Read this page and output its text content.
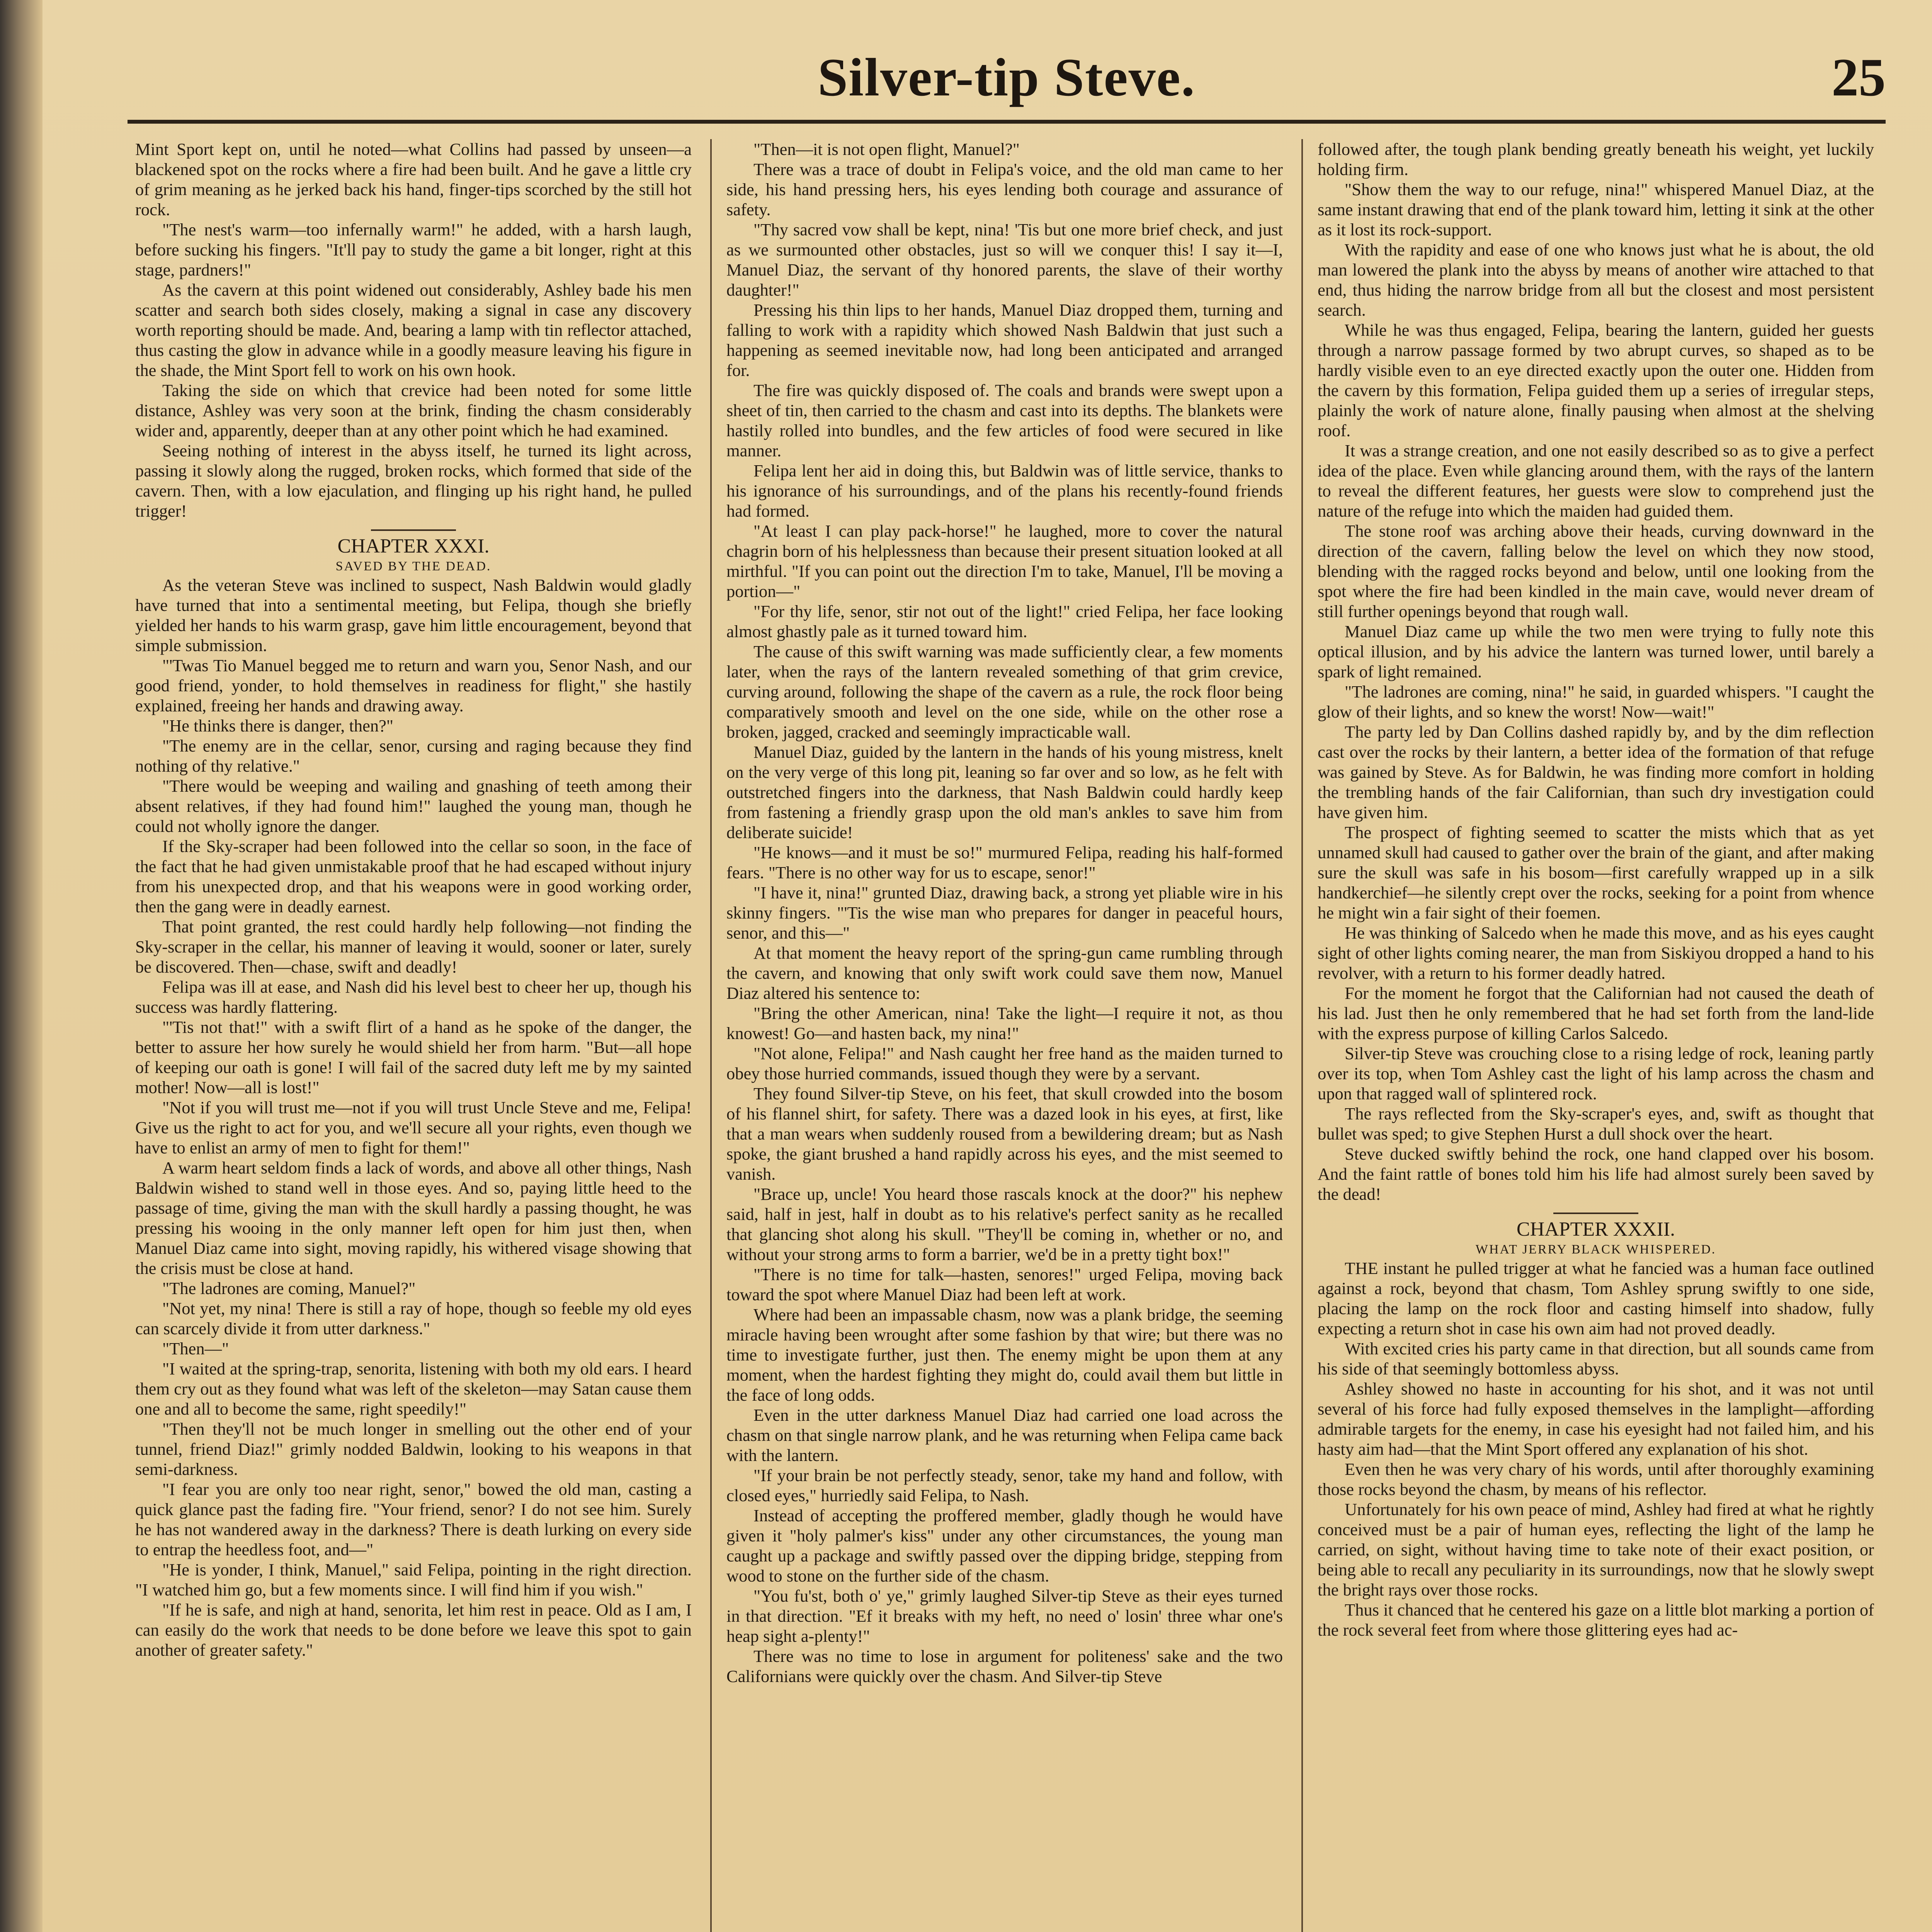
Silver-tip Steve.	25

Mint Sport kept on, until he noted—what Collins had passed by unseen—a blackened spot on the rocks where a fire had been built. And he gave a little cry of grim meaning as he jerked back his hand, finger-tips scorched by the still hot rock.

"The nest's warm—too infernally warm!" he added, with a harsh laugh, before sucking his fingers. "It'll pay to study the game a bit longer, right at this stage, pardners!"

As the cavern at this point widened out considerably, Ashley bade his men scatter and search both sides closely, making a signal in case any discovery worth reporting should be made. And, bearing a lamp with tin reflector attached, thus casting the glow in advance while in a goodly measure leaving his figure in the shade, the Mint Sport fell to work on his own hook.

Taking the side on which that crevice had been noted for some little distance, Ashley was very soon at the brink, finding the chasm considerably wider and, apparently, deeper than at any other point which he had examined.

Seeing nothing of interest in the abyss itself, he turned its light across, passing it slowly along the rugged, broken rocks, which formed that side of the cavern. Then, with a low ejaculation, and flinging up his right hand, he pulled trigger!

CHAPTER XXXI.

SAVED BY THE DEAD.

As the veteran Steve was inclined to suspect, Nash Baldwin would gladly have turned that into a sentimental meeting, but Felipa, though she briefly yielded her hands to his warm grasp, gave him little encouragement, beyond that simple submission.

"'Twas Tio Manuel begged me to return and warn you, Senor Nash, and our good friend, yonder, to hold themselves in readiness for flight," she hastily explained, freeing her hands and drawing away.

"He thinks there is danger, then?"

"The enemy are in the cellar, senor, cursing and raging because they find nothing of thy relative."

"There would be weeping and wailing and gnashing of teeth among their absent relatives, if they had found him!" laughed the young man, though he could not wholly ignore the danger.

If the Sky-scraper had been followed into the cellar so soon, in the face of the fact that he had given unmistakable proof that he had escaped without injury from his unexpected drop, and that his weapons were in good working order, then the gang were in deadly earnest.

That point granted, the rest could hardly help following—not finding the Sky-scraper in the cellar, his manner of leaving it would, sooner or later, surely be discovered. Then—chase, swift and deadly!

Felipa was ill at ease, and Nash did his level best to cheer her up, though his success was hardly flattering.

"'Tis not that!" with a swift flirt of a hand as he spoke of the danger, the better to assure her how surely he would shield her from harm. "But—all hope of keeping our oath is gone! I will fail of the sacred duty left me by my sainted mother! Now—all is lost!"

"Not if you will trust me—not if you will trust Uncle Steve and me, Felipa! Give us the right to act for you, and we'll secure all your rights, even though we have to enlist an army of men to fight for them!"

A warm heart seldom finds a lack of words, and above all other things, Nash Baldwin wished to stand well in those eyes. And so, paying little heed to the passage of time, giving the man with the skull hardly a passing thought, he was pressing his wooing in the only manner left open for him just then, when Manuel Diaz came into sight, moving rapidly, his withered visage showing that the crisis must be close at hand.

"The ladrones are coming, Manuel?"

"Not yet, my nina! There is still a ray of hope, though so feeble my old eyes can scarcely divide it from utter darkness."

"Then—"

"I waited at the spring-trap, senorita, listening with both my old ears. I heard them cry out as they found what was left of the skeleton—may Satan cause them one and all to become the same, right speedily!"

"Then they'll not be much longer in smelling out the other end of your tunnel, friend Diaz!" grimly nodded Baldwin, looking to his weapons in that semi-darkness.

"I fear you are only too near right, senor," bowed the old man, casting a quick glance past the fading fire. "Your friend, senor? I do not see him. Surely he has not wandered away in the darkness? There is death lurking on every side to entrap the heedless foot, and—"

"He is yonder, I think, Manuel," said Felipa, pointing in the right direction. "I watched him go, but a few moments since. I will find him if you wish."

"If he is safe, and nigh at hand, senorita, let him rest in peace. Old as I am, I can easily do the work that needs to be done before we leave this spot to gain another of greater safety."

"Then—it is not open flight, Manuel?"

There was a trace of doubt in Felipa's voice, and the old man came to her side, his hand pressing hers, his eyes lending both courage and assurance of safety.

"Thy sacred vow shall be kept, nina! 'Tis but one more brief check, and just as we surmounted other obstacles, just so will we conquer this! I say it—I, Manuel Diaz, the servant of thy honored parents, the slave of their worthy daughter!"

Pressing his thin lips to her hands, Manuel Diaz dropped them, turning and falling to work with a rapidity which showed Nash Baldwin that just such a happening as seemed inevitable now, had long been anticipated and arranged for.

The fire was quickly disposed of. The coals and brands were swept upon a sheet of tin, then carried to the chasm and cast into its depths. The blankets were hastily rolled into bundles, and the few articles of food were secured in like manner.

Felipa lent her aid in doing this, but Baldwin was of little service, thanks to his ignorance of his surroundings, and of the plans his recently-found friends had formed.

"At least I can play pack-horse!" he laughed, more to cover the natural chagrin born of his helplessness than because their present situation looked at all mirthful. "If you can point out the direction I'm to take, Manuel, I'll be moving a portion—"

"For thy life, senor, stir not out of the light!" cried Felipa, her face looking almost ghastly pale as it turned toward him.

The cause of this swift warning was made sufficiently clear, a few moments later, when the rays of the lantern revealed something of that grim crevice, curving around, following the shape of the cavern as a rule, the rock floor being comparatively smooth and level on the one side, while on the other rose a broken, jagged, cracked and seemingly impracticable wall.

Manuel Diaz, guided by the lantern in the hands of his young mistress, knelt on the very verge of this long pit, leaning so far over and so low, as he felt with outstretched fingers into the darkness, that Nash Baldwin could hardly keep from fastening a friendly grasp upon the old man's ankles to save him from deliberate suicide!

"He knows—and it must be so!" murmured Felipa, reading his half-formed fears. "There is no other way for us to escape, senor!"

"I have it, nina!" grunted Diaz, drawing back, a strong yet pliable wire in his skinny fingers. "'Tis the wise man who prepares for danger in peaceful hours, senor, and this—"

At that moment the heavy report of the spring-gun came rumbling through the cavern, and knowing that only swift work could save them now, Manuel Diaz altered his sentence to:

"Bring the other American, nina! Take the light—I require it not, as thou knowest! Go—and hasten back, my nina!"

"Not alone, Felipa!" and Nash caught her free hand as the maiden turned to obey those hurried commands, issued though they were by a servant.

They found Silver-tip Steve, on his feet, that skull crowded into the bosom of his flannel shirt, for safety. There was a dazed look in his eyes, at first, like that a man wears when suddenly roused from a bewildering dream; but as Nash spoke, the giant brushed a hand rapidly across his eyes, and the mist seemed to vanish.

"Brace up, uncle! You heard those rascals knock at the door?" his nephew said, half in jest, half in doubt as to his relative's perfect sanity as he recalled that glancing shot along his skull. "They'll be coming in, whether or no, and without your strong arms to form a barrier, we'd be in a pretty tight box!"

"There is no time for talk—hasten, senores!" urged Felipa, moving back toward the spot where Manuel Diaz had been left at work.

Where had been an impassable chasm, now was a plank bridge, the seeming miracle having been wrought after some fashion by that wire; but there was no time to investigate further, just then. The enemy might be upon them at any moment, when the hardest fighting they might do, could avail them but little in the face of long odds.

Even in the utter darkness Manuel Diaz had carried one load across the chasm on that single narrow plank, and he was returning when Felipa came back with the lantern.

"If your brain be not perfectly steady, senor, take my hand and follow, with closed eyes," hurriedly said Felipa, to Nash.

Instead of accepting the proffered member, gladly though he would have given it "holy palmer's kiss" under any other circumstances, the young man caught up a package and swiftly passed over the dipping bridge, stepping from wood to stone on the further side of the chasm.

"You fu'st, both o' ye," grimly laughed Silver-tip Steve as their eyes turned in that direction. "Ef it breaks with my heft, no need o' losin' three whar one's heap sight a-plenty!"

There was no time to lose in argument for politeness' sake and the two Californians were quickly over the chasm. And Silver-tip Steve

followed after, the tough plank bending greatly beneath his weight, yet luckily holding firm.

"Show them the way to our refuge, nina!" whispered Manuel Diaz, at the same instant drawing that end of the plank toward him, letting it sink at the other as it lost its rock-support.

With the rapidity and ease of one who knows just what he is about, the old man lowered the plank into the abyss by means of another wire attached to that end, thus hiding the narrow bridge from all but the closest and most persistent search.

While he was thus engaged, Felipa, bearing the lantern, guided her guests through a narrow passage formed by two abrupt curves, so shaped as to be hardly visible even to an eye directed exactly upon the outer one. Hidden from the cavern by this formation, Felipa guided them up a series of irregular steps, plainly the work of nature alone, finally pausing when almost at the shelving roof.

It was a strange creation, and one not easily described so as to give a perfect idea of the place. Even while glancing around them, with the rays of the lantern to reveal the different features, her guests were slow to comprehend just the nature of the refuge into which the maiden had guided them.

The stone roof was arching above their heads, curving downward in the direction of the cavern, falling below the level on which they now stood, blending with the ragged rocks beyond and below, until one looking from the spot where the fire had been kindled in the main cave, would never dream of still further openings beyond that rough wall.

Manuel Diaz came up while the two men were trying to fully note this optical illusion, and by his advice the lantern was turned lower, until barely a spark of light remained.

"The ladrones are coming, nina!" he said, in guarded whispers. "I caught the glow of their lights, and so knew the worst! Now—wait!"

The party led by Dan Collins dashed rapidly by, and by the dim reflection cast over the rocks by their lantern, a better idea of the formation of that refuge was gained by Steve. As for Baldwin, he was finding more comfort in holding the trembling hands of the fair Californian, than such dry investigation could have given him.

The prospect of fighting seemed to scatter the mists which that as yet unnamed skull had caused to gather over the brain of the giant, and after making sure the skull was safe in his bosom—first carefully wrapped up in a silk handkerchief—he silently crept over the rocks, seeking for a point from whence he might win a fair sight of their foemen.

He was thinking of Salcedo when he made this move, and as his eyes caught sight of other lights coming nearer, the man from Siskiyou dropped a hand to his revolver, with a return to his former deadly hatred.

For the moment he forgot that the Californian had not caused the death of his lad. Just then he only remembered that he had set forth from the land-lide with the express purpose of killing Carlos Salcedo.

Silver-tip Steve was crouching close to a rising ledge of rock, leaning partly over its top, when Tom Ashley cast the light of his lamp across the chasm and upon that ragged wall of splintered rock.

The rays reflected from the Sky-scraper's eyes, and, swift as thought that bullet was sped; to give Stephen Hurst a dull shock over the heart.

Steve ducked swiftly behind the rock, one hand clapped over his bosom. And the faint rattle of bones told him his life had almost surely been saved by the dead!

CHAPTER XXXII.

WHAT JERRY BLACK WHISPERED.

THE instant he pulled trigger at what he fancied was a human face outlined against a rock, beyond that chasm, Tom Ashley sprung swiftly to one side, placing the lamp on the rock floor and casting himself into shadow, fully expecting a return shot in case his own aim had not proved deadly.

With excited cries his party came in that direction, but all sounds came from his side of that seemingly bottomless abyss.

Ashley showed no haste in accounting for his shot, and it was not until several of his force had fully exposed themselves in the lamplight—affording admirable targets for the enemy, in case his eyesight had not failed him, and his hasty aim had—that the Mint Sport offered any explanation of his shot.

Even then he was very chary of his words, until after thoroughly examining those rocks beyond the chasm, by means of his reflector.

Unfortunately for his own peace of mind, Ashley had fired at what he rightly conceived must be a pair of human eyes, reflecting the light of the lamp he carried, on sight, without having time to take note of their exact position, or being able to recall any peculiarity in its surroundings, now that he slowly swept the bright rays over those rocks.

Thus it chanced that he centered his gaze on a little blot marking a portion of the rock several feet from where those glittering eyes had ac-
